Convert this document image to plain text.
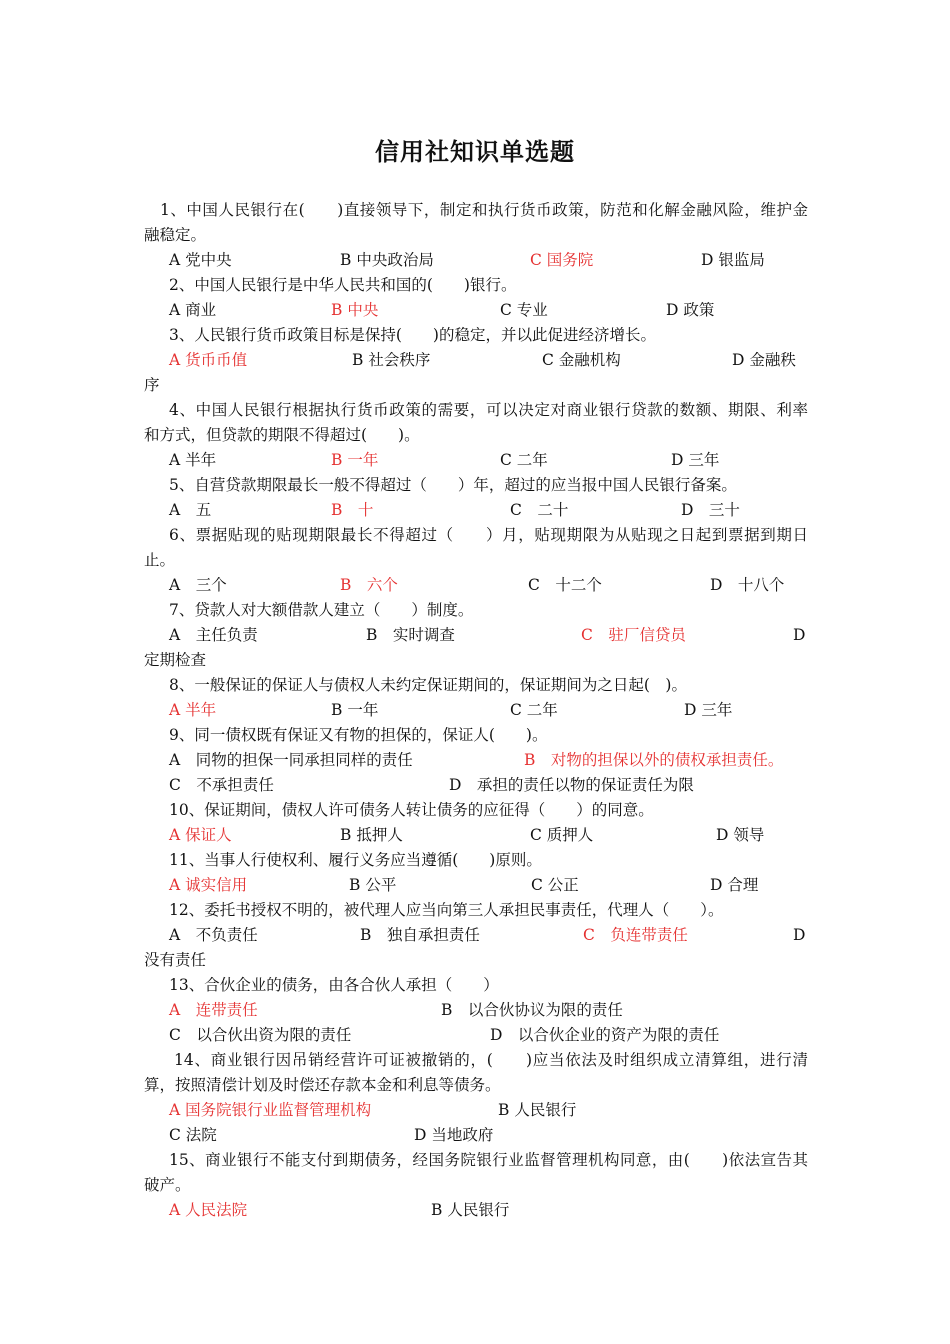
信用社知识单选题
1、中国人民银行在(　　)直接领导下，制定和执行货币政策，防范和化解金融风险，维护金
融稳定。
A 党中央	B 中央政治局	C 国务院	D 银监局
2、中国人民银行是中华人民共和国的(　　)银行。
A 商业	B 中央	C 专业	D 政策
3、人民银行货币政策目标是保持(　　)的稳定，并以此促进经济增长。
A 货币币值	B 社会秩序	C 金融机构	D 金融秩
序
4、中国人民银行根据执行货币政策的需要，可以决定对商业银行贷款的数额、期限、利率
和方式，但贷款的期限不得超过(　　)。
A 半年	B 一年	C 二年	D 三年
5、自营贷款期限最长一般不得超过（　　）年，超过的应当报中国人民银行备案。
A　五	B　十	C　二十	D　三十
6、票据贴现的贴现期限最长不得超过（　　）月，贴现期限为从贴现之日起到票据到期日
止。
A　三个	B　六个	C　十二个	D　十八个
7、贷款人对大额借款人建立（　　）制度。
A　主任负责	B　实时调查	C　驻厂信贷员	D
定期检查
8、一般保证的保证人与债权人未约定保证期间的，保证期间为之日起(　)。
A 半年	B 一年	C 二年	D 三年
9、同一债权既有保证又有物的担保的，保证人(　　)。
A　同物的担保一同承担同样的责任	B　对物的担保以外的债权承担责任。
C　不承担责任	D　承担的责任以物的保证责任为限
10、保证期间，债权人许可债务人转让债务的应征得（　　）的同意。
A 保证人	B 抵押人	C 质押人	D 领导
11、当事人行使权利、履行义务应当遵循(　　)原则。
A 诚实信用	B 公平	C 公正	D 合理
12、委托书授权不明的，被代理人应当向第三人承担民事责任，代理人（　　）。
A　不负责任	B　独自承担责任	C　负连带责任	D
没有责任
13、合伙企业的债务，由各合伙人承担（　　）
A　连带责任	B　以合伙协议为限的责任
C　以合伙出资为限的责任	D　以合伙企业的资产为限的责任
14、商业银行因吊销经营许可证被撤销的，(　　)应当依法及时组织成立清算组，进行清
算，按照清偿计划及时偿还存款本金和利息等债务。
A 国务院银行业监督管理机构	B 人民银行
C 法院	D 当地政府
15、商业银行不能支付到期债务，经国务院银行业监督管理机构同意，由(　　)依法宣告其
破产。
A 人民法院	B 人民银行
